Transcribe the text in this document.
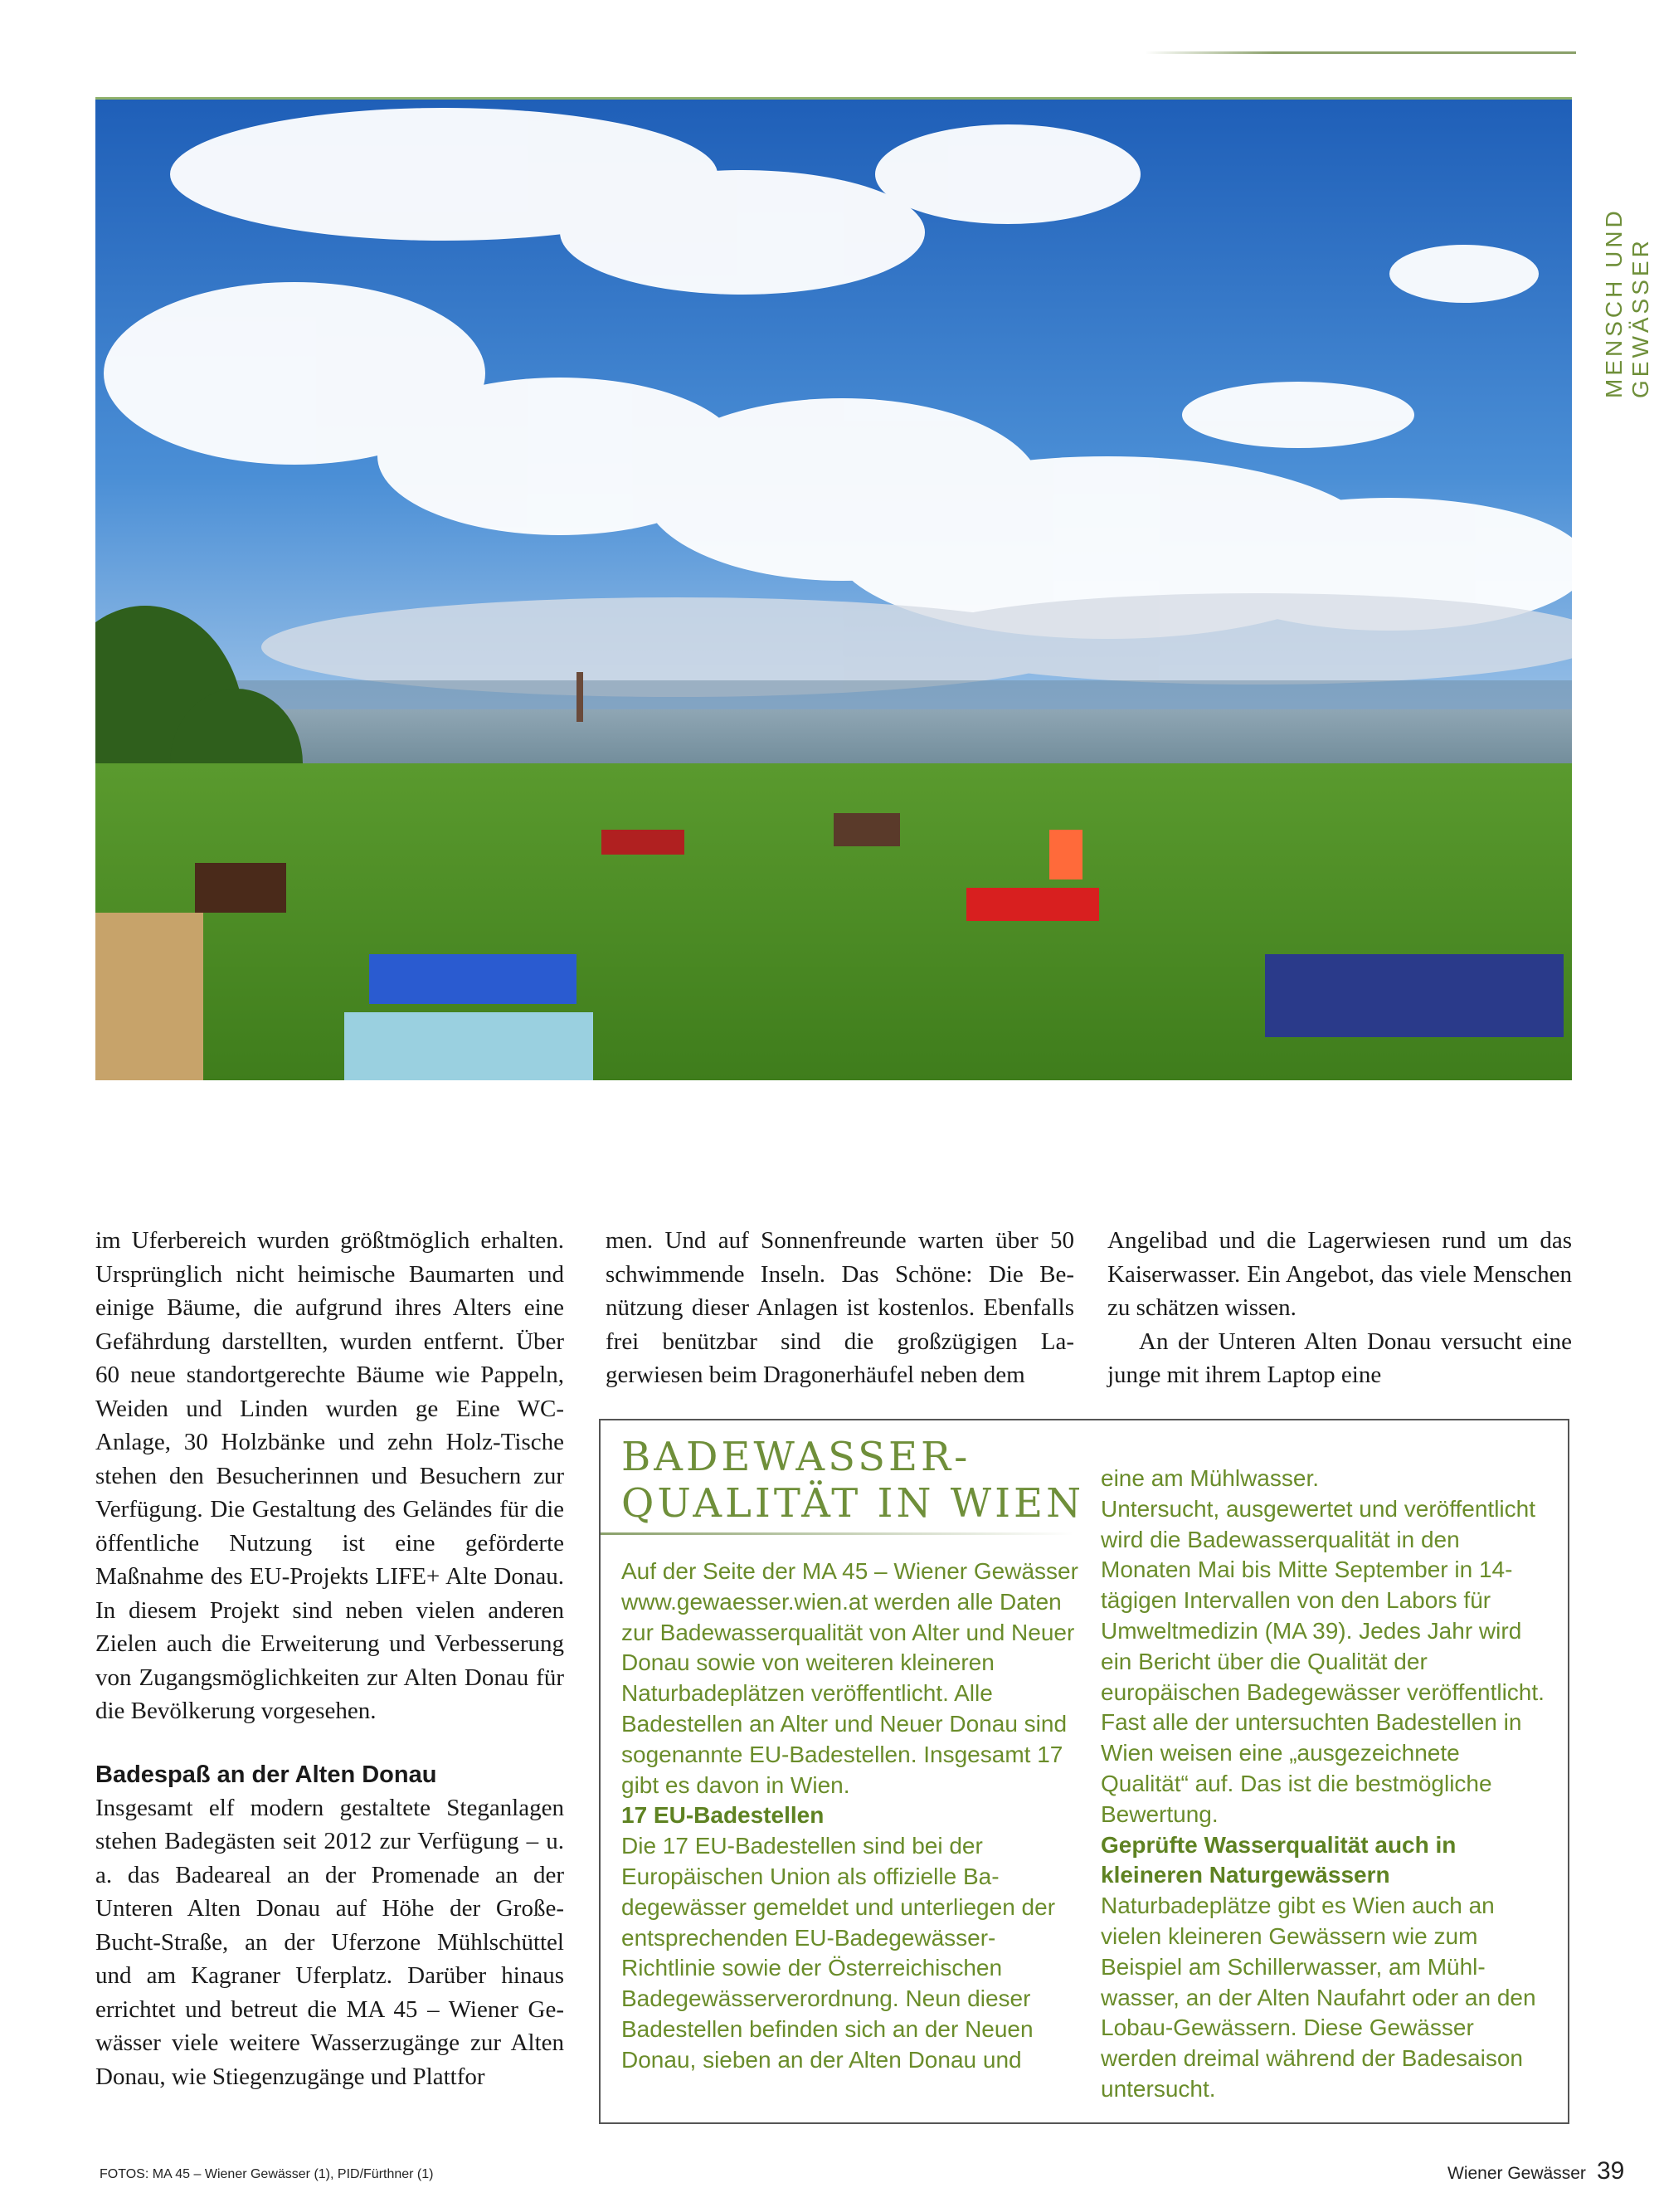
MENSCH UND GEWÄSSER

im Uferbereich wurden größtmöglich erhalten. Ursprünglich nicht heimische Baumarten und einige Bäume, die aufgrund ihres Alters eine Gefährdung darstellten, wurden entfernt. Über 60 neue standortgerechte Bäume wie Pappeln, Weiden und Linden wurden ge Eine WC-Anlage, 30 Holzbänke und zehn Holz-Tische stehen den Besucherinnen und Besuchern zur Verfügung. Die Gestaltung des Geländes für die öffentliche Nutzung ist eine geförderte Maßnahme des EU-Projekts LIFE+ Alte Donau. In diesem Projekt sind neben vielen anderen Zielen auch die Erweiterung und Verbesserung von Zugangsmöglichkeiten zur Alten Donau für die Bevölkerung vorgesehen.

Badespaß an der Alten Donau

Insgesamt elf modern gestaltete Steganlagen stehen Badegästen seit 2012 zur Verfügung – u. a. das Badeareal an der Promenade an der Unteren Alten Donau auf Höhe der Große-Bucht-Straße, an der Uferzone Mühlschüttel und am Kagraner Uferplatz. Darüber hinaus errichtet und betreut die MA 45 – Wiener Gewässer viele weitere Wasserzugänge zur Alten Donau, wie Stiegenzugänge und Plattfor

men. Und auf Sonnenfreunde warten über 50 schwimmende Inseln. Das Schöne: Die Benützung dieser Anlagen ist kostenlos. Ebenfalls frei benützbar sind die großzügigen Lagerwiesen beim Dragonerhäufel neben dem

Angelibad und die Lagerwiesen rund um das Kaiserwasser. Ein Angebot, das viele Menschen zu schätzen wissen.

An der Unteren Alten Donau versucht eine junge mit ihrem Laptop eine

BADEWASSER-
QUALITÄT IN WIEN

Auf der Seite der MA 45 – Wiener Gewässer www.gewaesser.wien.at werden alle Daten zur Badewasserqualität von Alter und Neuer Donau sowie von weiteren kleineren Naturbadeplätzen veröffentlicht. Alle Badestellen an Alter und Neuer Donau sind sogenannte EU-Badestellen. Insgesamt 17 gibt es davon in Wien.

17 EU-Badestellen

Die 17 EU-Badestellen sind bei der Europäischen Union als offizielle Badegewässer gemeldet und unterliegen der entsprechenden EU-Badegewässer-Richtlinie sowie der Österreichischen Badegewässerverordnung. Neun dieser Badestellen befinden sich an der Neuen Donau, sieben an der Alten Donau und

eine am Mühlwasser.

Untersucht, ausgewertet und veröffentlicht wird die Badewasserqualität in den Monaten Mai bis Mitte September in 14-tägigen Intervallen von den Labors für Umweltmedizin (MA 39). Jedes Jahr wird ein Bericht über die Qualität der europäischen Badegewässer veröffentlicht. Fast alle der untersuchten Badestellen in Wien weisen eine „ausgezeichnete Qualität“ auf. Das ist die bestmögliche Bewertung.

Geprüfte Wasserqualität auch in kleineren Naturgewässern

Naturbadeplätze gibt es Wien auch an vielen kleineren Gewässern wie zum Beispiel am Schillerwasser, am Mühlwasser, an der Alten Naufahrt oder an den Lobau-Gewässern. Diese Gewässer werden dreimal während der Badesaison untersucht.

FOTOS: MA 45 – Wiener Gewässer (1), PID/Fürthner (1)	Wiener Gewässer 39
